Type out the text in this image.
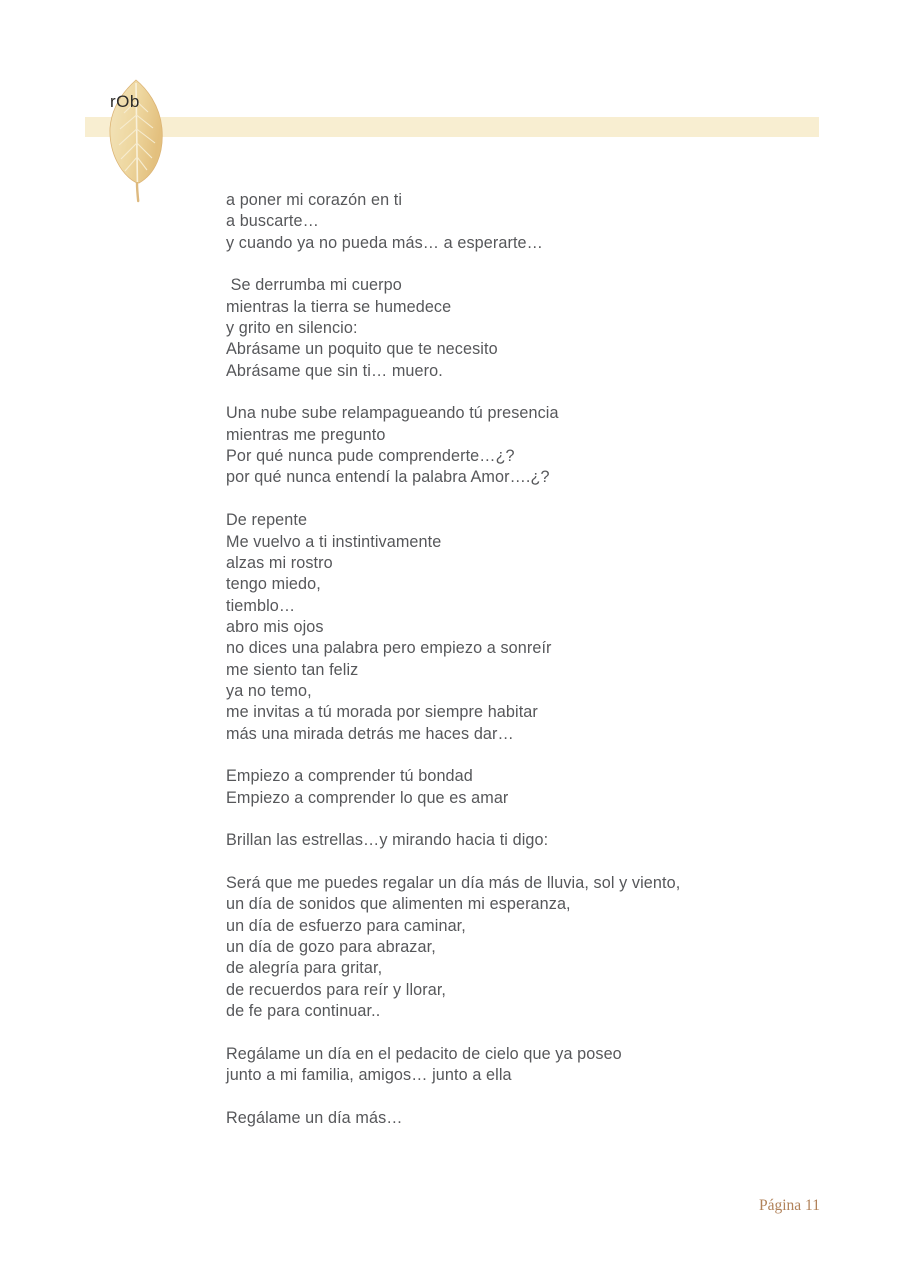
rOb
a poner mi corazón en ti
a buscarte…
y cuando ya no pueda más… a esperarte…

Se derrumba mi cuerpo
mientras la tierra se humedece
y grito en silencio:
Abrásame un poquito que te necesito
Abrásame que sin ti… muero.

Una nube sube relampagueando tú presencia
mientras me pregunto
Por qué nunca pude comprenderte…¿?
por qué nunca entendí la palabra Amor….¿?

De repente
Me vuelvo a ti instintivamente
alzas mi rostro
tengo miedo,
tiemblo…
abro mis ojos
no dices una palabra pero empiezo a sonreír
me siento tan feliz
ya no temo,
me invitas a tú morada por siempre habitar
más una mirada detrás me haces dar…

Empiezo a comprender tú bondad
Empiezo a comprender lo que es amar

Brillan las estrellas…y mirando hacia ti digo:

Será que me puedes regalar un día más de lluvia, sol y viento,
un día de sonidos que alimenten mi esperanza,
un día de esfuerzo para caminar,
un día de gozo para abrazar,
de alegría para gritar,
de recuerdos para reír y llorar,
de fe para continuar..

Regálame un día en el pedacito de cielo que ya poseo
junto a mi familia, amigos… junto a ella

Regálame un día más…
Página 11
